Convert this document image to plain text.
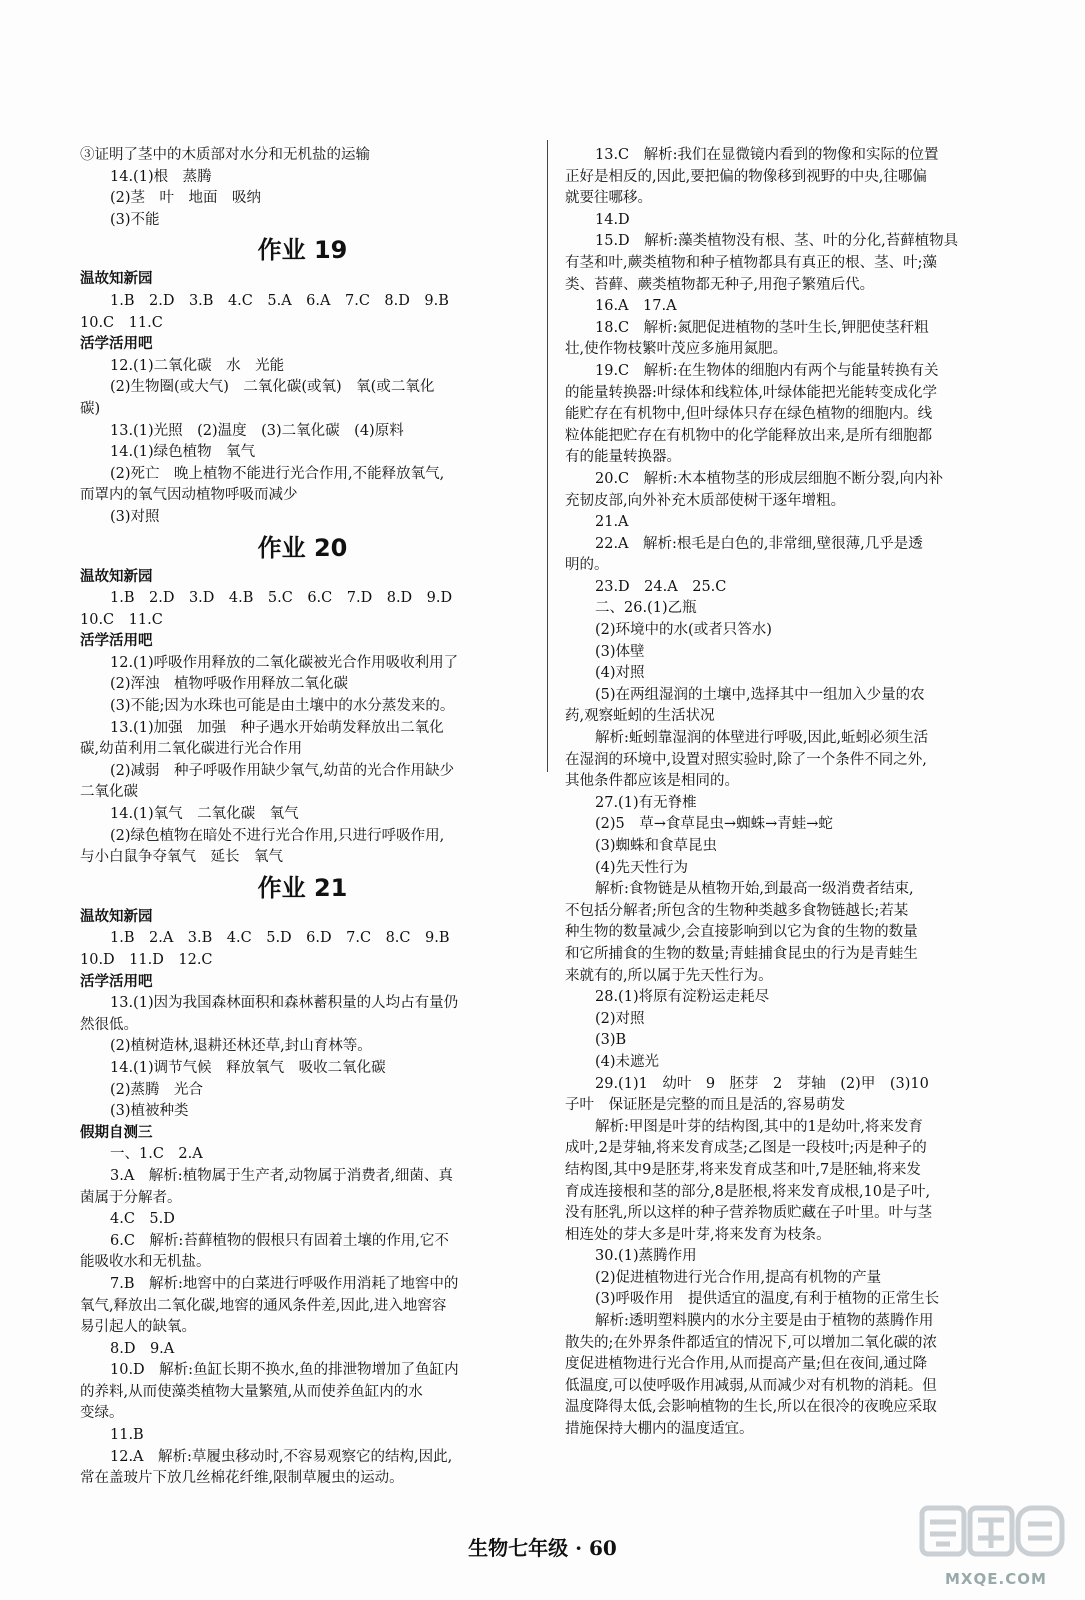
③证明了茎中的木质部对水分和无机盐的运输
14.(1)根　蒸腾
(2)茎　叶　地面　吸纳
(3)不能
作业 19
温故知新园
1.B　2.D　3.B　4.C　5.A　6.A　7.C　8.D　9.B
10.C　11.C
活学活用吧
12.(1)二氧化碳　水　光能
(2)生物圈(或大气)　二氧化碳(或氧)　氧(或二氧化
碳)
13.(1)光照　(2)温度　(3)二氧化碳　(4)原料
14.(1)绿色植物　氧气
(2)死亡　晚上植物不能进行光合作用,不能释放氧气,
而罩内的氧气因动植物呼吸而减少
(3)对照
作业 20
温故知新园
1.B　2.D　3.D　4.B　5.C　6.C　7.D　8.D　9.D
10.C　11.C
活学活用吧
12.(1)呼吸作用释放的二氧化碳被光合作用吸收利用了
(2)浑浊　植物呼吸作用释放二氧化碳
(3)不能;因为水珠也可能是由土壤中的水分蒸发来的。
13.(1)加强　加强　种子遇水开始萌发释放出二氧化
碳,幼苗利用二氧化碳进行光合作用
(2)减弱　种子呼吸作用缺少氧气,幼苗的光合作用缺少
二氧化碳
14.(1)氧气　二氧化碳　氧气
(2)绿色植物在暗处不进行光合作用,只进行呼吸作用,
与小白鼠争夺氧气　延长　氧气
作业 21
温故知新园
1.B　2.A　3.B　4.C　5.D　6.D　7.C　8.C　9.B
10.D　11.D　12.C
活学活用吧
13.(1)因为我国森林面积和森林蓄积量的人均占有量仍
然很低。
(2)植树造林,退耕还林还草,封山育林等。
14.(1)调节气候　释放氧气　吸收二氧化碳
(2)蒸腾　光合
(3)植被种类
假期自测三
一、1.C　2.A
3.A　解析:植物属于生产者,动物属于消费者,细菌、真
菌属于分解者。
4.C　5.D
6.C　解析:苔藓植物的假根只有固着土壤的作用,它不
能吸收水和无机盐。
7.B　解析:地窖中的白菜进行呼吸作用消耗了地窖中的
氧气,释放出二氧化碳,地窖的通风条件差,因此,进入地窖容
易引起人的缺氧。
8.D　9.A
10.D　解析:鱼缸长期不换水,鱼的排泄物增加了鱼缸内
的养料,从而使藻类植物大量繁殖,从而使养鱼缸内的水
变绿。
11.B
12.A　解析:草履虫移动时,不容易观察它的结构,因此,
常在盖玻片下放几丝棉花纤维,限制草履虫的运动。
13.C　解析:我们在显微镜内看到的物像和实际的位置
正好是相反的,因此,要把偏的物像移到视野的中央,往哪偏
就要往哪移。
14.D
15.D　解析:藻类植物没有根、茎、叶的分化,苔藓植物具
有茎和叶,蕨类植物和种子植物都具有真正的根、茎、叶;藻
类、苔藓、蕨类植物都无种子,用孢子繁殖后代。
16.A　17.A
18.C　解析:氮肥促进植物的茎叶生长,钾肥使茎秆粗
壮,使作物枝繁叶茂应多施用氮肥。
19.C　解析:在生物体的细胞内有两个与能量转换有关
的能量转换器:叶绿体和线粒体,叶绿体能把光能转变成化学
能贮存在有机物中,但叶绿体只存在绿色植物的细胞内。线
粒体能把贮存在有机物中的化学能释放出来,是所有细胞都
有的能量转换器。
20.C　解析:木本植物茎的形成层细胞不断分裂,向内补
充韧皮部,向外补充木质部使树干逐年增粗。
21.A
22.A　解析:根毛是白色的,非常细,壁很薄,几乎是透
明的。
23.D　24.A　25.C
二、26.(1)乙瓶
(2)环境中的水(或者只答水)
(3)体壁
(4)对照
(5)在两组湿润的土壤中,选择其中一组加入少量的农
药,观察蚯蚓的生活状况
解析:蚯蚓靠湿润的体壁进行呼吸,因此,蚯蚓必须生活
在湿润的环境中,设置对照实验时,除了一个条件不同之外,
其他条件都应该是相同的。
27.(1)有无脊椎
(2)5　草→食草昆虫→蜘蛛→青蛙→蛇
(3)蜘蛛和食草昆虫
(4)先天性行为
解析:食物链是从植物开始,到最高一级消费者结束,
不包括分解者;所包含的生物种类越多食物链越长;若某
种生物的数量减少,会直接影响到以它为食的生物的数量
和它所捕食的生物的数量;青蛙捕食昆虫的行为是青蛙生
来就有的,所以属于先天性行为。
28.(1)将原有淀粉运走耗尽
(2)对照
(3)B
(4)未遮光
29.(1)1　幼叶　9　胚芽　2　芽轴　(2)甲　(3)10
子叶　保证胚是完整的而且是活的,容易萌发
解析:甲图是叶芽的结构图,其中的1是幼叶,将来发育
成叶,2是芽轴,将来发育成茎;乙图是一段枝叶;丙是种子的
结构图,其中9是胚芽,将来发育成茎和叶,7是胚轴,将来发
育成连接根和茎的部分,8是胚根,将来发育成根,10是子叶,
没有胚乳,所以这样的种子营养物质贮藏在子叶里。叶与茎
相连处的芽大多是叶芽,将来发育为枝条。
30.(1)蒸腾作用
(2)促进植物进行光合作用,提高有机物的产量
(3)呼吸作用　提供适宜的温度,有利于植物的正常生长
解析:透明塑料膜内的水分主要是由于植物的蒸腾作用
散失的;在外界条件都适宜的情况下,可以增加二氧化碳的浓
度促进植物进行光合作用,从而提高产量;但在夜间,通过降
低温度,可以使呼吸作用减弱,从而减少对有机物的消耗。但
温度降得太低,会影响植物的生长,所以在很冷的夜晚应采取
措施保持大棚内的温度适宜。
生物七年级 · 60
MXQE.COM
